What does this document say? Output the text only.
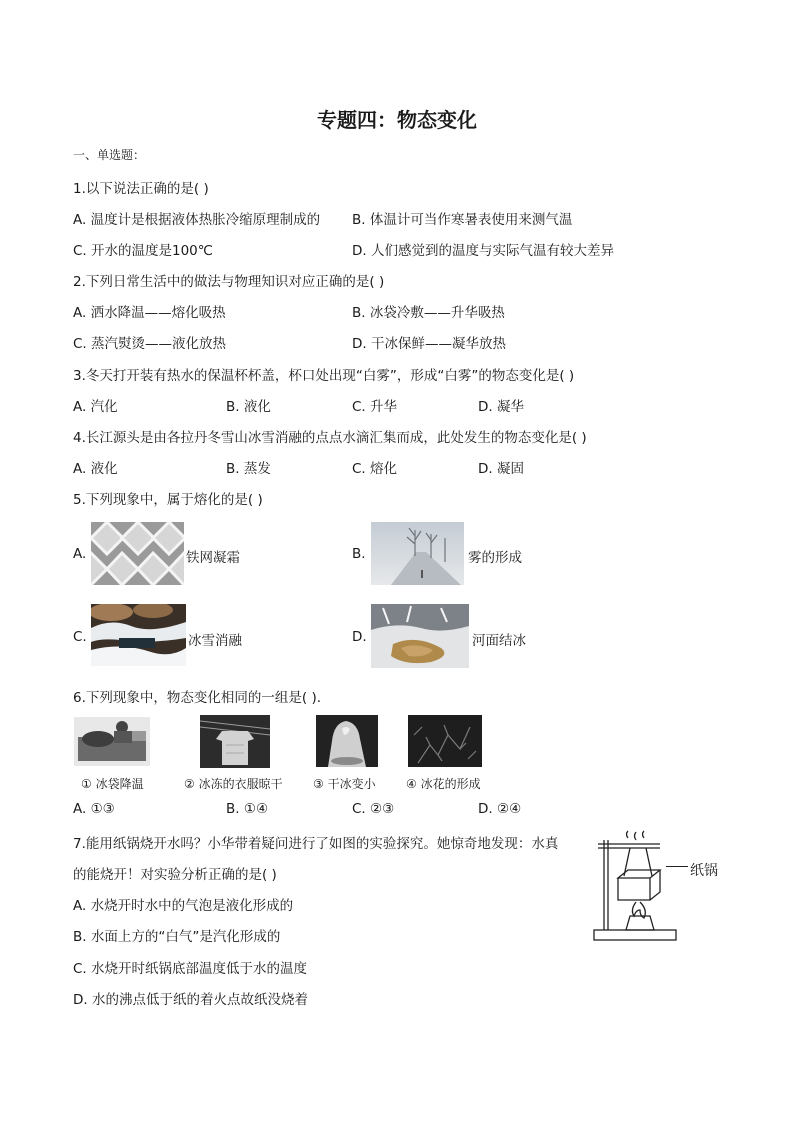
专题四：物态变化
一、单选题：
1.以下说法正确的是( )
A. 温度计是根据液体热胀冷缩原理制成的 B. 体温计可当作寒暑表使用来测气温
C. 开水的温度是100℃	D. 人们感觉到的温度与实际气温有较大差异
2.下列日常生活中的做法与物理知识对应正确的是( )
A. 洒水降温——熔化吸热	B. 冰袋冷敷——升华吸热
C. 蒸汽熨烫——液化放热	D. 干冰保鲜——凝华放热
3.冬天打开装有热水的保温杯杯盖，杯口处出现“白雾”，形成“白雾”的物态变化是( )
A. 汽化	B. 液化	C. 升华	D. 凝华
4.长江源头是由各拉丹冬雪山冰雪消融的点点水滴汇集而成，此处发生的物态变化是( )
A. 液化	B. 蒸发	C. 熔化	D. 凝固
5.下列现象中，属于熔化的是( )
A.	铁网凝霜	B.	雾的形成
C.	冰雪消融	D.	河面结冰
6.下列现象中，物态变化相同的一组是( ).
① 冰袋降温	② 冰冻的衣服晾干	③ 干冰变小	④ 冰花的形成
A. ①③	B. ①④	C. ②③	D. ②④
7.能用纸锅烧开水吗？小华带着疑问进行了如图的实验探究。她惊奇地发现：水真
的能烧开！对实验分析正确的是( )
A. 水烧开时水中的气泡是液化形成的
B. 水面上方的“白气”是汽化形成的
C. 水烧开时纸锅底部温度低于水的温度
D. 水的沸点低于纸的着火点故纸没烧着
纸锅
